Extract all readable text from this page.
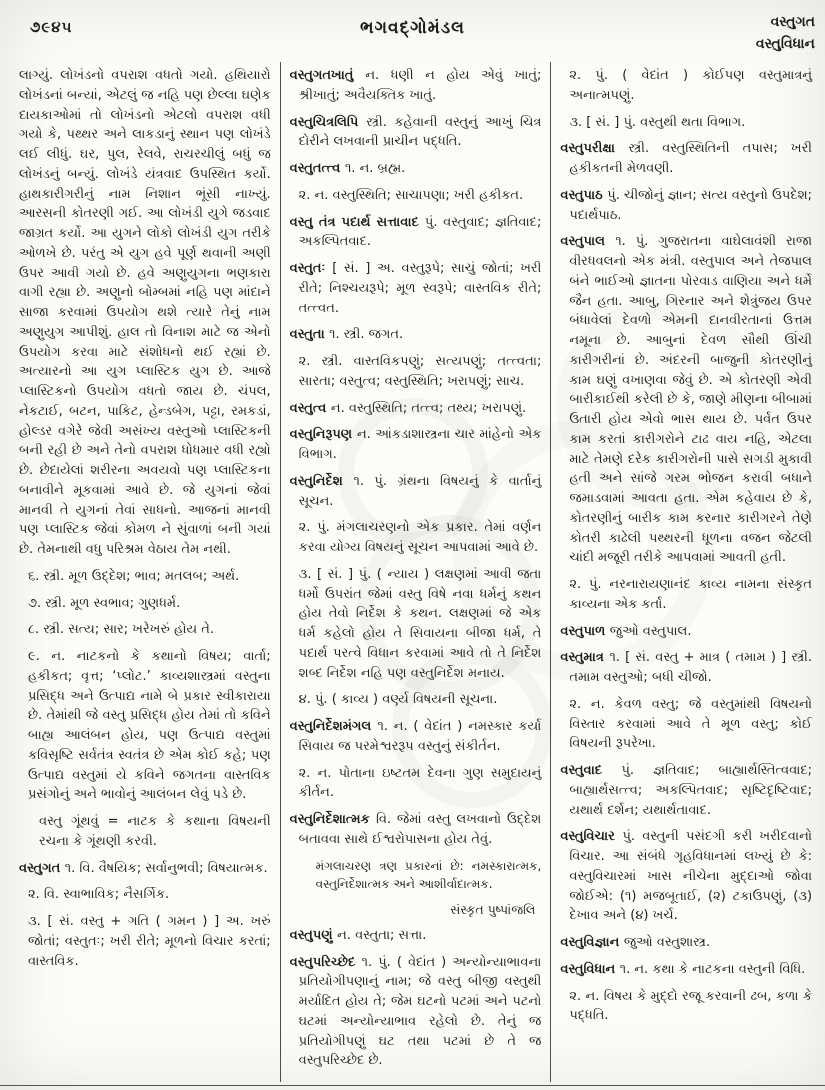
૭૯૪૫	ભગવદ્ગોમંડલ	વસ્તુગત
વસ્તુવિધાન

લાગ્યું. લોખંડનો વપરાશ વધતો ગયો. હથિયારો લોખંડનાં બન્યાં, એટલું જ નહિ પણ છેલ્લા ઘણેક દાયકાઓમાં તો લોખંડનો એટલો વપરાશ વધી ગયો કે, પથ્થર અને લાકડાનું સ્થાન પણ લોખંડે લઈ લીધું. ઘર, પુલ, રેલવે, રાચરચીલું બધું જ લોખંડનું બન્યું. લોખંડે યંત્રવાદ ઉપસ્થિત કર્યો. હાથકારીગરીનું નામ નિશાન ભૂંસી નાખ્યું. આરસની કોતરણી ગઈ. આ લોખંડી યુગે જડવાદ જાગ્રત કર્યો. આ યુગને લોકો લોખંડી યુગ તરીકે ઓળખે છે. પરંતુ એ યુગ હવે પૂર્ણ થવાની અણી ઉપર આવી ગયો છે. હવે અણુયુગના ભણકારા વાગી રહ્યા છે. અણુનો બોમ્બમાં નહિ પણ માંદાને સાજા કરવામાં ઉપયોગ થશે ત્યારે તેનું નામ અણુયુગ આપીશું. હાલ તો વિનાશ માટે જ એનો ઉપયોગ કરવા માટે સંશોધનો થઈ રહ્યાં છે. અત્યારનો આ યુગ પ્લાસ્ટિક યુગ છે. આજે પ્લાસ્ટિકનો ઉપયોગ વધતો જાય છે. ચંપલ, નેકટાઈ, બટન, પાકિટ, હેન્ડબેગ, પટ્ટા, રમકડાં, હોલ્ડર વગેરે જેવી અસંખ્ય વસ્તુઓ પ્લાસ્ટિકની બની રહી છે અને તેનો વપરાશ ધોધમાર વધી રહ્યો છે. છેદાયેલાં શરીરના અવયવો પણ પ્લાસ્ટિકના બનાવીને મૂકવામાં આવે છે. જે યુગનાં જેવાં માનવી તે યુગનાં તેવાં સાધનો. આજનાં માનવી પણ પ્લાસ્ટિક જેવાં કોમળ ને સુંવાળાં બની ગયાં છે. તેમનાથી વધુ પરિશ્રમ વેઠાય તેમ નથી.

૬. સ્ત્રી. મૂળ ઉદ્દેશ; ભાવ; મતલબ; અર્થ.

૭. સ્ત્રી. મૂળ સ્વભાવ; ગુણધર્મ.

૮. સ્ત્રી. સત્ય; સાર; ખરેખરું હોય તે.

૯. ન. નાટકનો કે કથાનો વિષય; વાર્તા; હકીકત; વૃત્ત; ‘પ્લોટ.’ કાવ્યશાસ્ત્રમાં વસ્તુના પ્રસિદ્ધ અને ઉત્પાદ્ય નામે બે પ્રકાર સ્વીકારાયા છે. તેમાંથી જે વસ્તુ પ્રસિદ્ધ હોય તેમાં તો કવિને બાહ્ય આલંબન હોય, પણ ઉત્પાદ્ય વસ્તુમાં કવિસૃષ્ટિ સર્વતંત્ર સ્વતંત્ર છે એમ કોઈ કહે; પણ ઉત્પાદ્ય વસ્તુમાં યે કવિને જગતના વાસ્તવિક પ્રસંગોનું અને ભાવોનું આલંબન લેવું પડે છે.

વસ્તુ ગૂંથવું = નાટક કે કથાના વિષયની રચના કે ગૂંથણી કરવી.

વસ્તુગત ૧. વિ. વૈષયિક; સર્વાનુભવી; વિષયાત્મક.

૨. વિ. સ્વાભાવિક; નૈસર્ગિક.

૩. [ સં. વસ્તુ + ગતિ ( ગમન ) ] અ. ખરું જોતાં; વસ્તુતઃ; ખરી રીતે; મૂળનો વિચાર કરતાં; વાસ્તવિક.

વસ્તુગતખાતું ન. ધણી ન હોય એવું ખાતું; શ્રીખાતું; અવૈયક્તિક ખાતું.

વસ્તુચિત્રલિપિ સ્ત્રી. કહેવાની વસ્તુનું આખું ચિત્ર દોરીને લખવાની પ્રાચીન પદ્ધતિ.

વસ્તુતત્ત્વ ૧. ન. બ્રહ્મ.

૨. ન. વસ્તુસ્થિતિ; સાચાપણા; ખરી હકીકત.

વસ્તુ તંત્ર પદાર્થ સત્તાવાદ પું. વસ્તુવાદ; જ્ઞતિવાદ; અકલ્પિતવાદ.

વસ્તુતઃ [ સં. ] અ. વસ્તુરૂપે; સાચું જોતાં; ખરી રીતે; નિશ્ચયરૂપે; મૂળ સ્વરૂપે; વાસ્તવિક રીતે; તત્ત્વત.

વસ્તુતા ૧. સ્ત્રી. જગત.

૨. સ્ત્રી. વાસ્તવિકપણું; સત્યપણું; તત્ત્વતા; સારતા; વસ્તુત્વ; વસ્તુસ્થિતિ; ખરાપણું; સાચ.

વસ્તુત્વ ન. વસ્તુસ્થિતિ; તત્ત્વ; તથ્ય; ખરાપણું.

વસ્તુનિરૂપણ ન. આંકડાશાસ્ત્રના ચાર માંહેનો એક વિભાગ.

વસ્તુનિર્દેશ ૧. પું. ગ્રંથના વિષયનું કે વાર્તાનું સૂચન.

૨. પું. મંગલાચરણનો એક પ્રકાર. તેમાં વર્ણન કરવા યોગ્ય વિષયનું સૂચન આપવામાં આવે છે.

૩. [ સં. ] પું. ( ન્યાય ) લક્ષણમાં આવી જતા ધર્મો ઉપરાંત જેમાં વસ્તુ વિષે નવા ધર્મનું કથન હોય તેવો નિર્દેશ કે કથન. લક્ષણમાં જે એક ધર્મ કહેલો હોય તે સિવાયના બીજા ધર્મ, તે પદાર્થ પરત્વે વિધાન કરવામાં આવે તો તે નિર્દેશ શબ્દ નિર્દેશ નહિ પણ વસ્તુનિર્દેશ મનાય.

૪. પું. ( કાવ્ય ) વર્ણ્ય વિષયની સૂચના.

વસ્તુનિર્દેશમંગલ ૧. ન. ( વેદાંત ) નમસ્કાર કર્યા સિવાય જ પરમેશ્વરરૂપ વસ્તુનું સંકીર્તન.

૨. ન. પોતાના ઇષ્ટતમ દેવના ગુણ સમુદાયનું કીર્તન.

વસ્તુનિર્દેશાત્મક વિ. જેમાં વસ્તુ લખવાનો ઉદ્દેશ બતાવવા સાથે ઈશ્વરોપાસના હોય તેવું.

મંગલાચરણ ત્રણ પ્રકારનાં છે: નમસ્કારાત્મક, વસ્તુનિર્દેશાત્મક અને આશીર્વાદાત્મક.

સંસ્કૃત પુષ્પાંજલિ

વસ્તુપણું ન. વસ્તુતા; સત્તા.

વસ્તુપરિચ્છેદ ૧. પું. ( વેદાંત ) અન્યોન્યાભાવના પ્રતિયોગીપણાનું નામ; જે વસ્તુ બીજી વસ્તુથી મર્યાદિત હોય તે; જેમ ઘટનો પટમાં અને પટનો ઘટમાં અન્યોન્યાભાવ રહેલો છે. તેનું જ પ્રતિયોગીપણું ઘટ તથા પટમાં છે તે જ વસ્તુપરિચ્છેદ છે.

૨. પું. ( વેદાંત ) કોઈપણ વસ્તુમાત્રનું અનાત્મપણું.

૩. [ સં. ] પું. વસ્તુથી થતા વિભાગ.

વસ્તુપરીક્ષા સ્ત્રી. વસ્તુસ્થિતિની તપાસ; ખરી હકીકતની મેળવણી.

વસ્તુપાઠ પું. ચીજોનું જ્ઞાન; સત્ય વસ્તુનો ઉપદેશ; પદાર્થપાઠ.

વસ્તુપાલ ૧. પું. ગુજરાતના વાઘેલાવંશી રાજા વીરધવલનો એક મંત્રી. વસ્તુપાલ અને તેજપાલ બંને ભાઈઓ જ્ઞાતના પોરવાડ વાણિયા અને ધર્મે જૈન હતા. આબુ, ગિરનાર અને શેત્રુંજય ઉપર બંધાવેલાં દેવળો એમની દાનવીરતાનાં ઉત્તમ નમૂના છે. આબુનાં દેવળ સૌથી ઊંચી કારીગરીનાં છે. અંદરની બાજુની કોતરણીનું કામ ઘણું વખાણવા જેવું છે. એ કોતરણી એવી બારીકાઈથી કરેલી છે કે, જાણે મીણના બીબામાં ઉતારી હોય એવો ભાસ થાય છે. પર્વત ઉપર કામ કરતાં કારીગરોને ટાઢ વાય નહિ, એટલા માટે તેમણે દરેક કારીગરોની પાસે સગડી મુકાવી હતી અને સાંજે ગરમ ભોજન કરાવી બધાને જમાડવામાં આવતા હતા. એમ કહેવાય છે કે, કોતરણીનું બારીક કામ કરનાર કારીગરને તેણે કોતરી કાઢેલી પથ્થરની ધૂળના વજન જેટલી ચાંદી મજૂરી તરીકે આપવામાં આવતી હતી.

૨. પું. નરનારાયણાનંદ કાવ્ય નામના સંસ્કૃત કાવ્યના એક કર્તા.

વસ્તુપાળ જુઓ વસ્તુપાલ.

વસ્તુમાત્ર ૧. [ સં. વસ્તુ + માત્ર ( તમામ ) ] સ્ત્રી. તમામ વસ્તુઓ; બધી ચીજો.

૨. ન. કેવળ વસ્તુ; જે વસ્તુમાંથી વિષયનો વિસ્તાર કરવામાં આવે તે મૂળ વસ્તુ; કોઈ વિષયની રૂપરેખા.

વસ્તુવાદ પું. જ્ઞતિવાદ; બાહ્યાર્થસ્તિત્વવાદ; બાહ્યાર્થસત્ત્વ; અકલ્પિતવાદ; સૃષ્ટિદૃષ્ટિવાદ; યથાર્થ દર્શન; યથાર્થતાવાદ.

વસ્તુવિચાર પું. વસ્તુની પસંદગી કરી ખરીદવાનો વિચાર. આ સંબંધે ગૃહવિધાનમાં લખ્યું છે કે: વસ્તુવિચારમાં ખાસ નીચેના મુદ્દાઓ જોવા જોઈએ: (૧) મજબૂતાઈ, (૨) ટકાઉપણું, (૩) દેખાવ અને (૪) ખર્ચ.

વસ્તુવિજ્ઞાન જુઓ વસ્તુશાસ્ત્ર.

વસ્તુવિધાન ૧. ન. કથા કે નાટકના વસ્તુની વિધિ.

૨. ન. વિષય કે મુદ્દો રજૂ કરવાની ઢબ, કળા કે પદ્ધતિ.
